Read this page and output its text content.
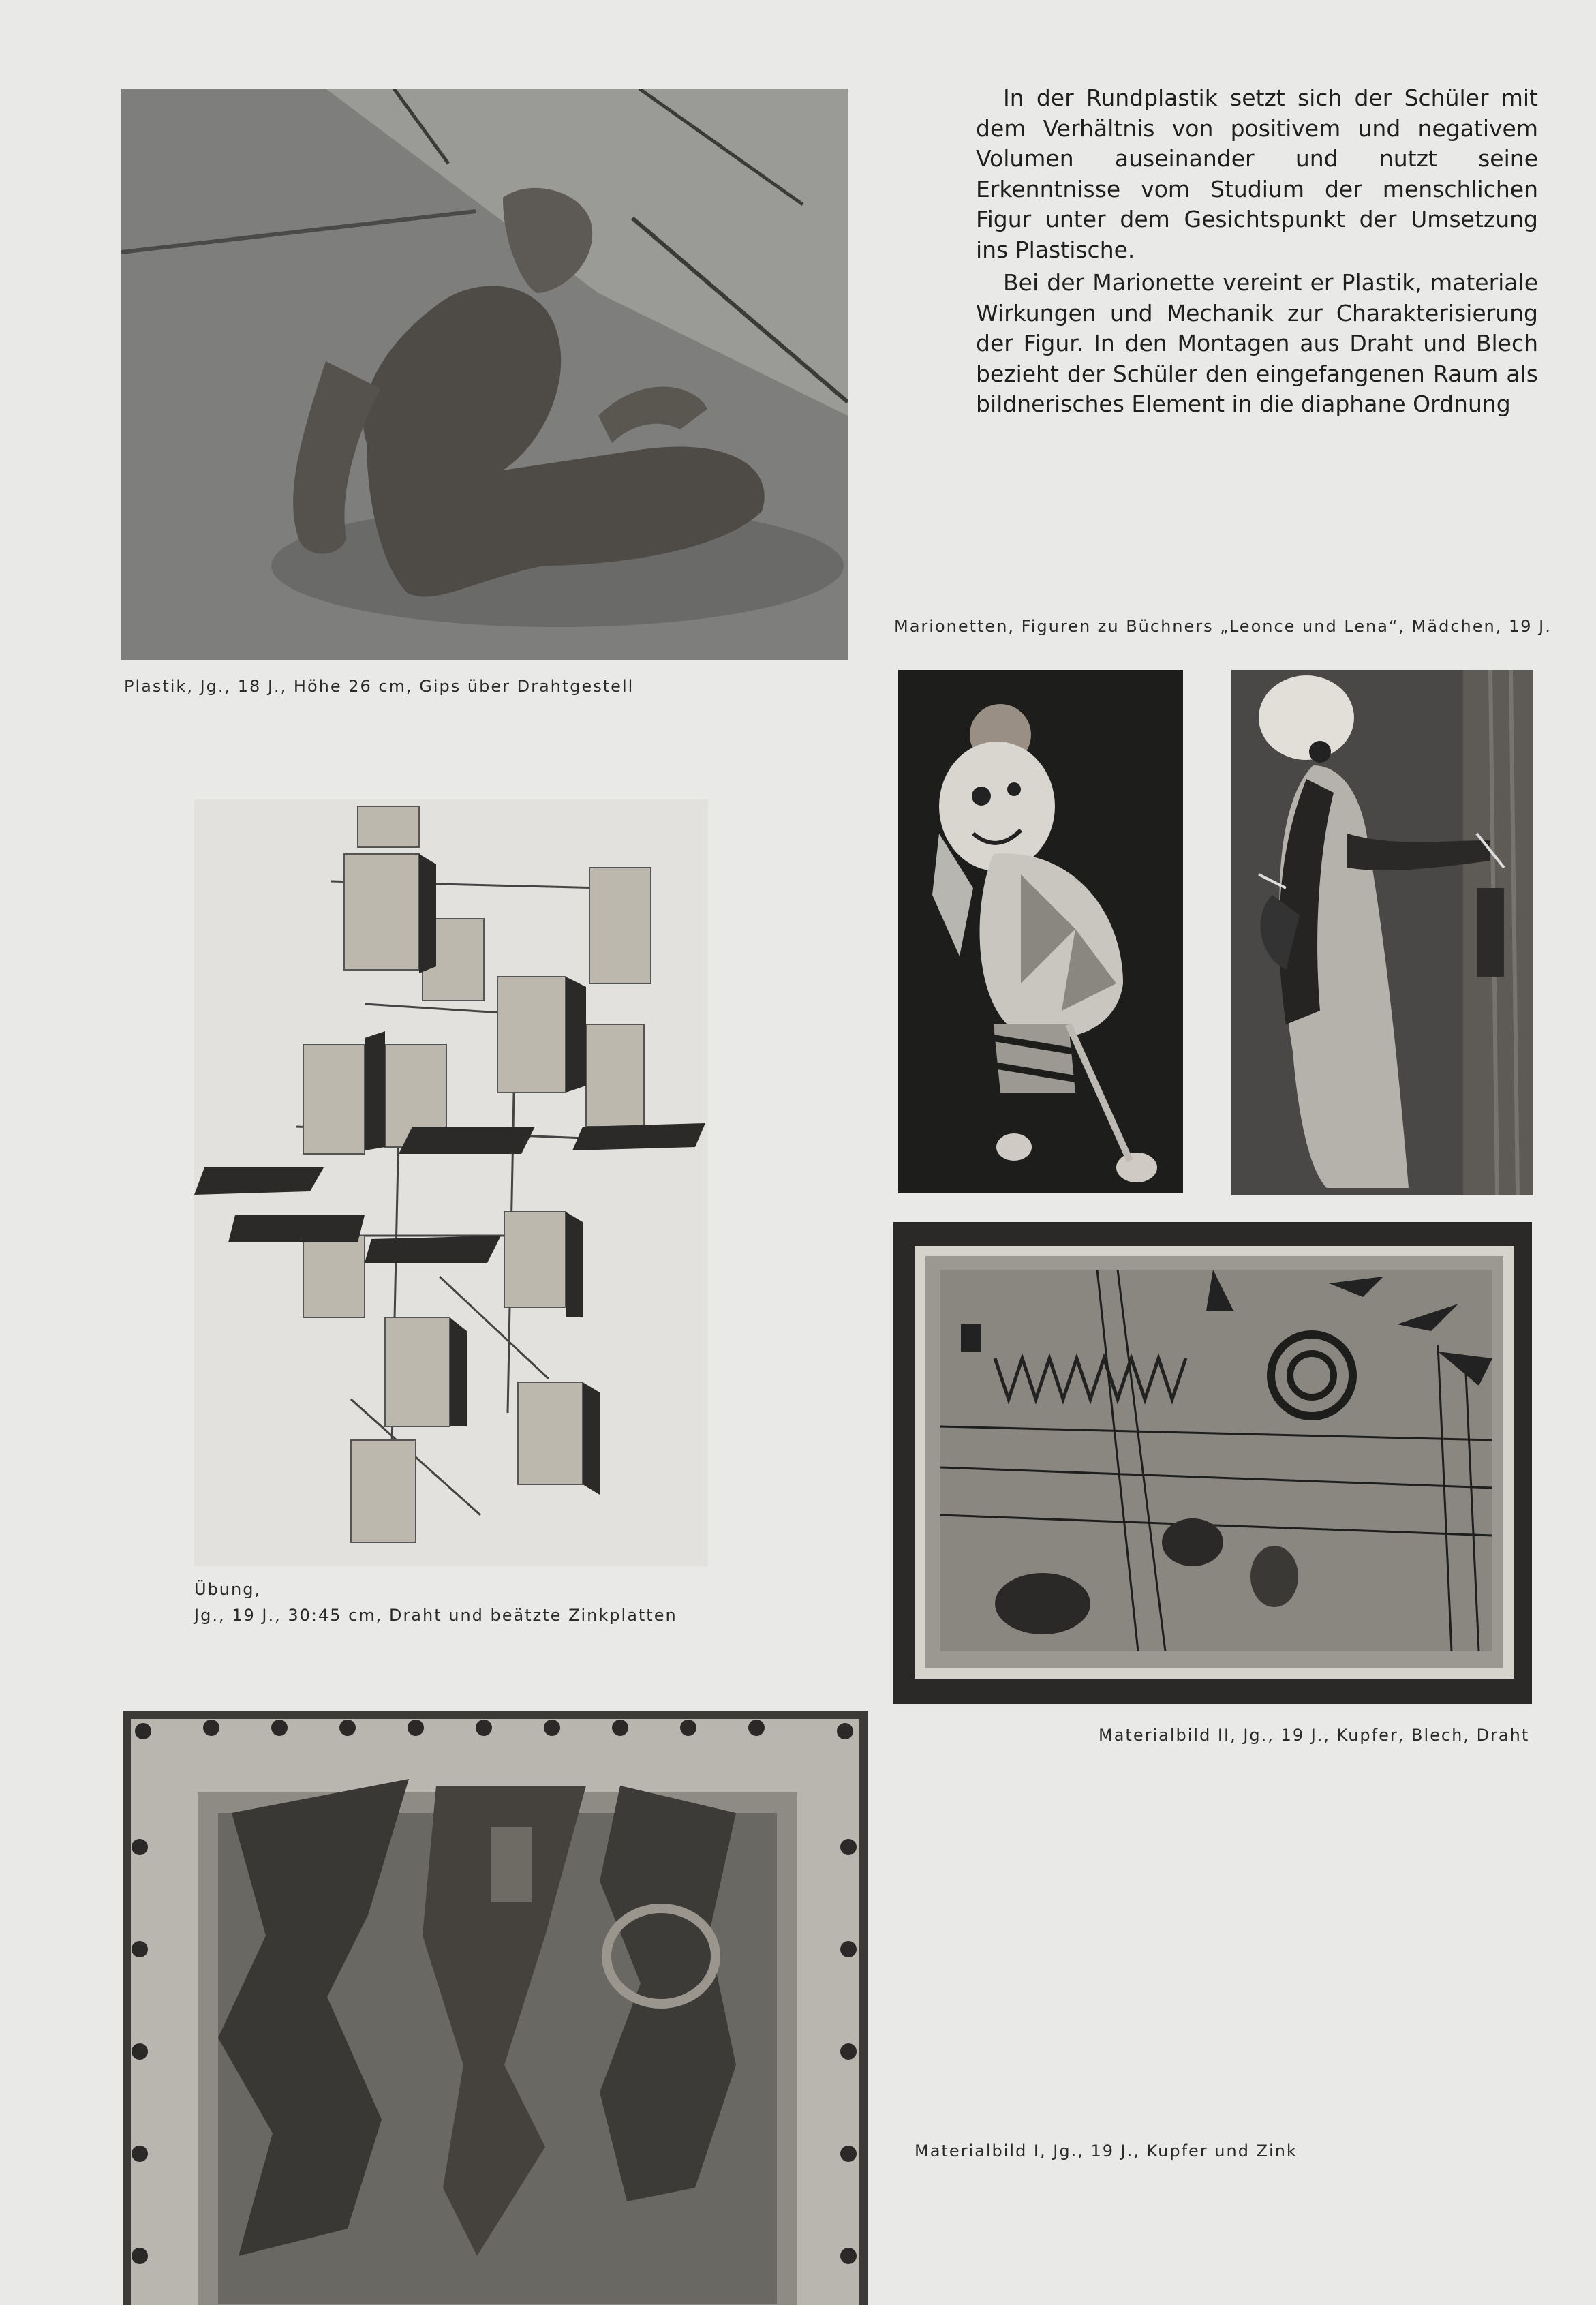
In der Rundplastik setzt sich der Schüler mit dem Verhältnis von positivem und negativem Volumen auseinander und nutzt seine Erkenntnisse vom Studium der menschlichen Figur unter dem Gesichtspunkt der Umsetzung ins Plastische.

Bei der Marionette vereint er Plastik, materiale Wirkungen und Mechanik zur Charakterisierung der Figur. In den Montagen aus Draht und Blech bezieht der Schüler den eingefangenen Raum als bildnerisches Element in die diaphane Ordnung

Plastik, Jg., 18 J., Höhe 26 cm, Gips über Drahtgestell
Marionetten, Figuren zu Büchners „Leonce und Lena“, Mädchen, 19 J.
Übung,
Jg., 19 J., 30:45 cm, Draht und beätzte Zinkplatten
Materialbild II, Jg., 19 J., Kupfer, Blech, Draht
Materialbild I, Jg., 19 J., Kupfer und Zink
